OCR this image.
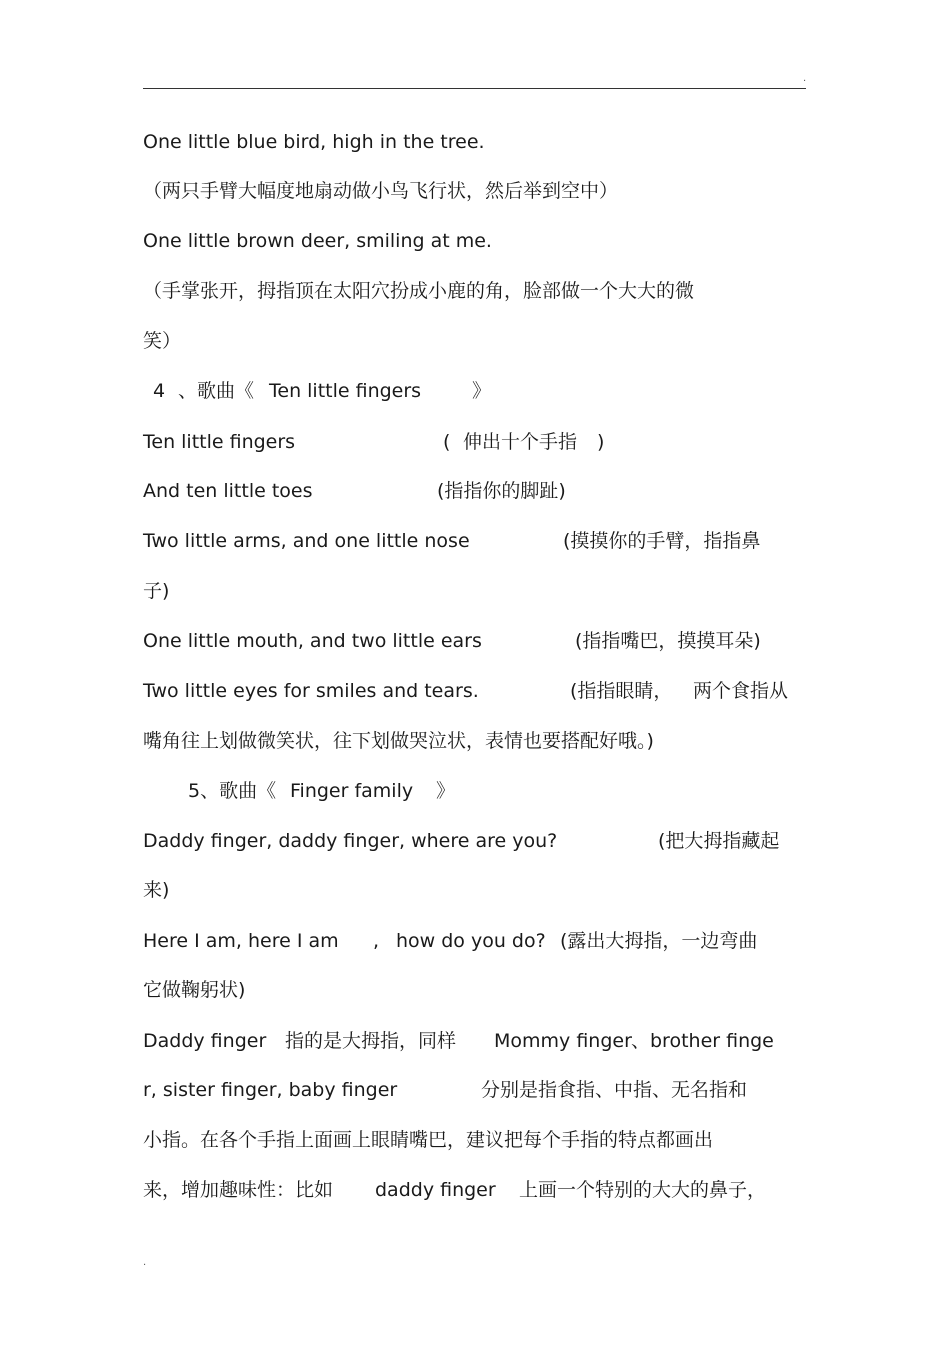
.
One little blue bird, high in the tree.
（两只手臂大幅度地扇动做小鸟飞行状，然后举到空中）
One little brown deer, smiling at me.
（手掌张开，拇指顶在太阳穴扮成小鹿的角，脸部做一个大大的微
笑）
4 、歌曲《 Ten little fingers	》
Ten little fingers	( 伸出十个手指 )
And ten little toes	(指指你的脚趾)
Two little arms, and one little nose	(摸摸你的手臂，指指鼻
子)
One little mouth, and two little ears	(指指嘴巴，摸摸耳朵)
Two little eyes for smiles and tears.	(指指眼睛， 两个食指从
嘴角往上划做微笑状，往下划做哭泣状，表情也要搭配好哦。)
5、歌曲《 Finger family 》
Daddy finger, daddy finger, where are you?	(把大拇指藏起
来)
Here I am, here I am , how do you do? (露出大拇指，一边弯曲
它做鞠躬状)
Daddy finger 指的是大拇指，同样 Mommy finger 、brother finge
r, sister finger, baby finger	分别是指食指、中指、无名指和
小指。在各个手指上面画上眼睛嘴巴，建议把每个手指的特点都画出
来，增加趣味性：比如 daddy finger 上画一个特别的大大的鼻子，
.
